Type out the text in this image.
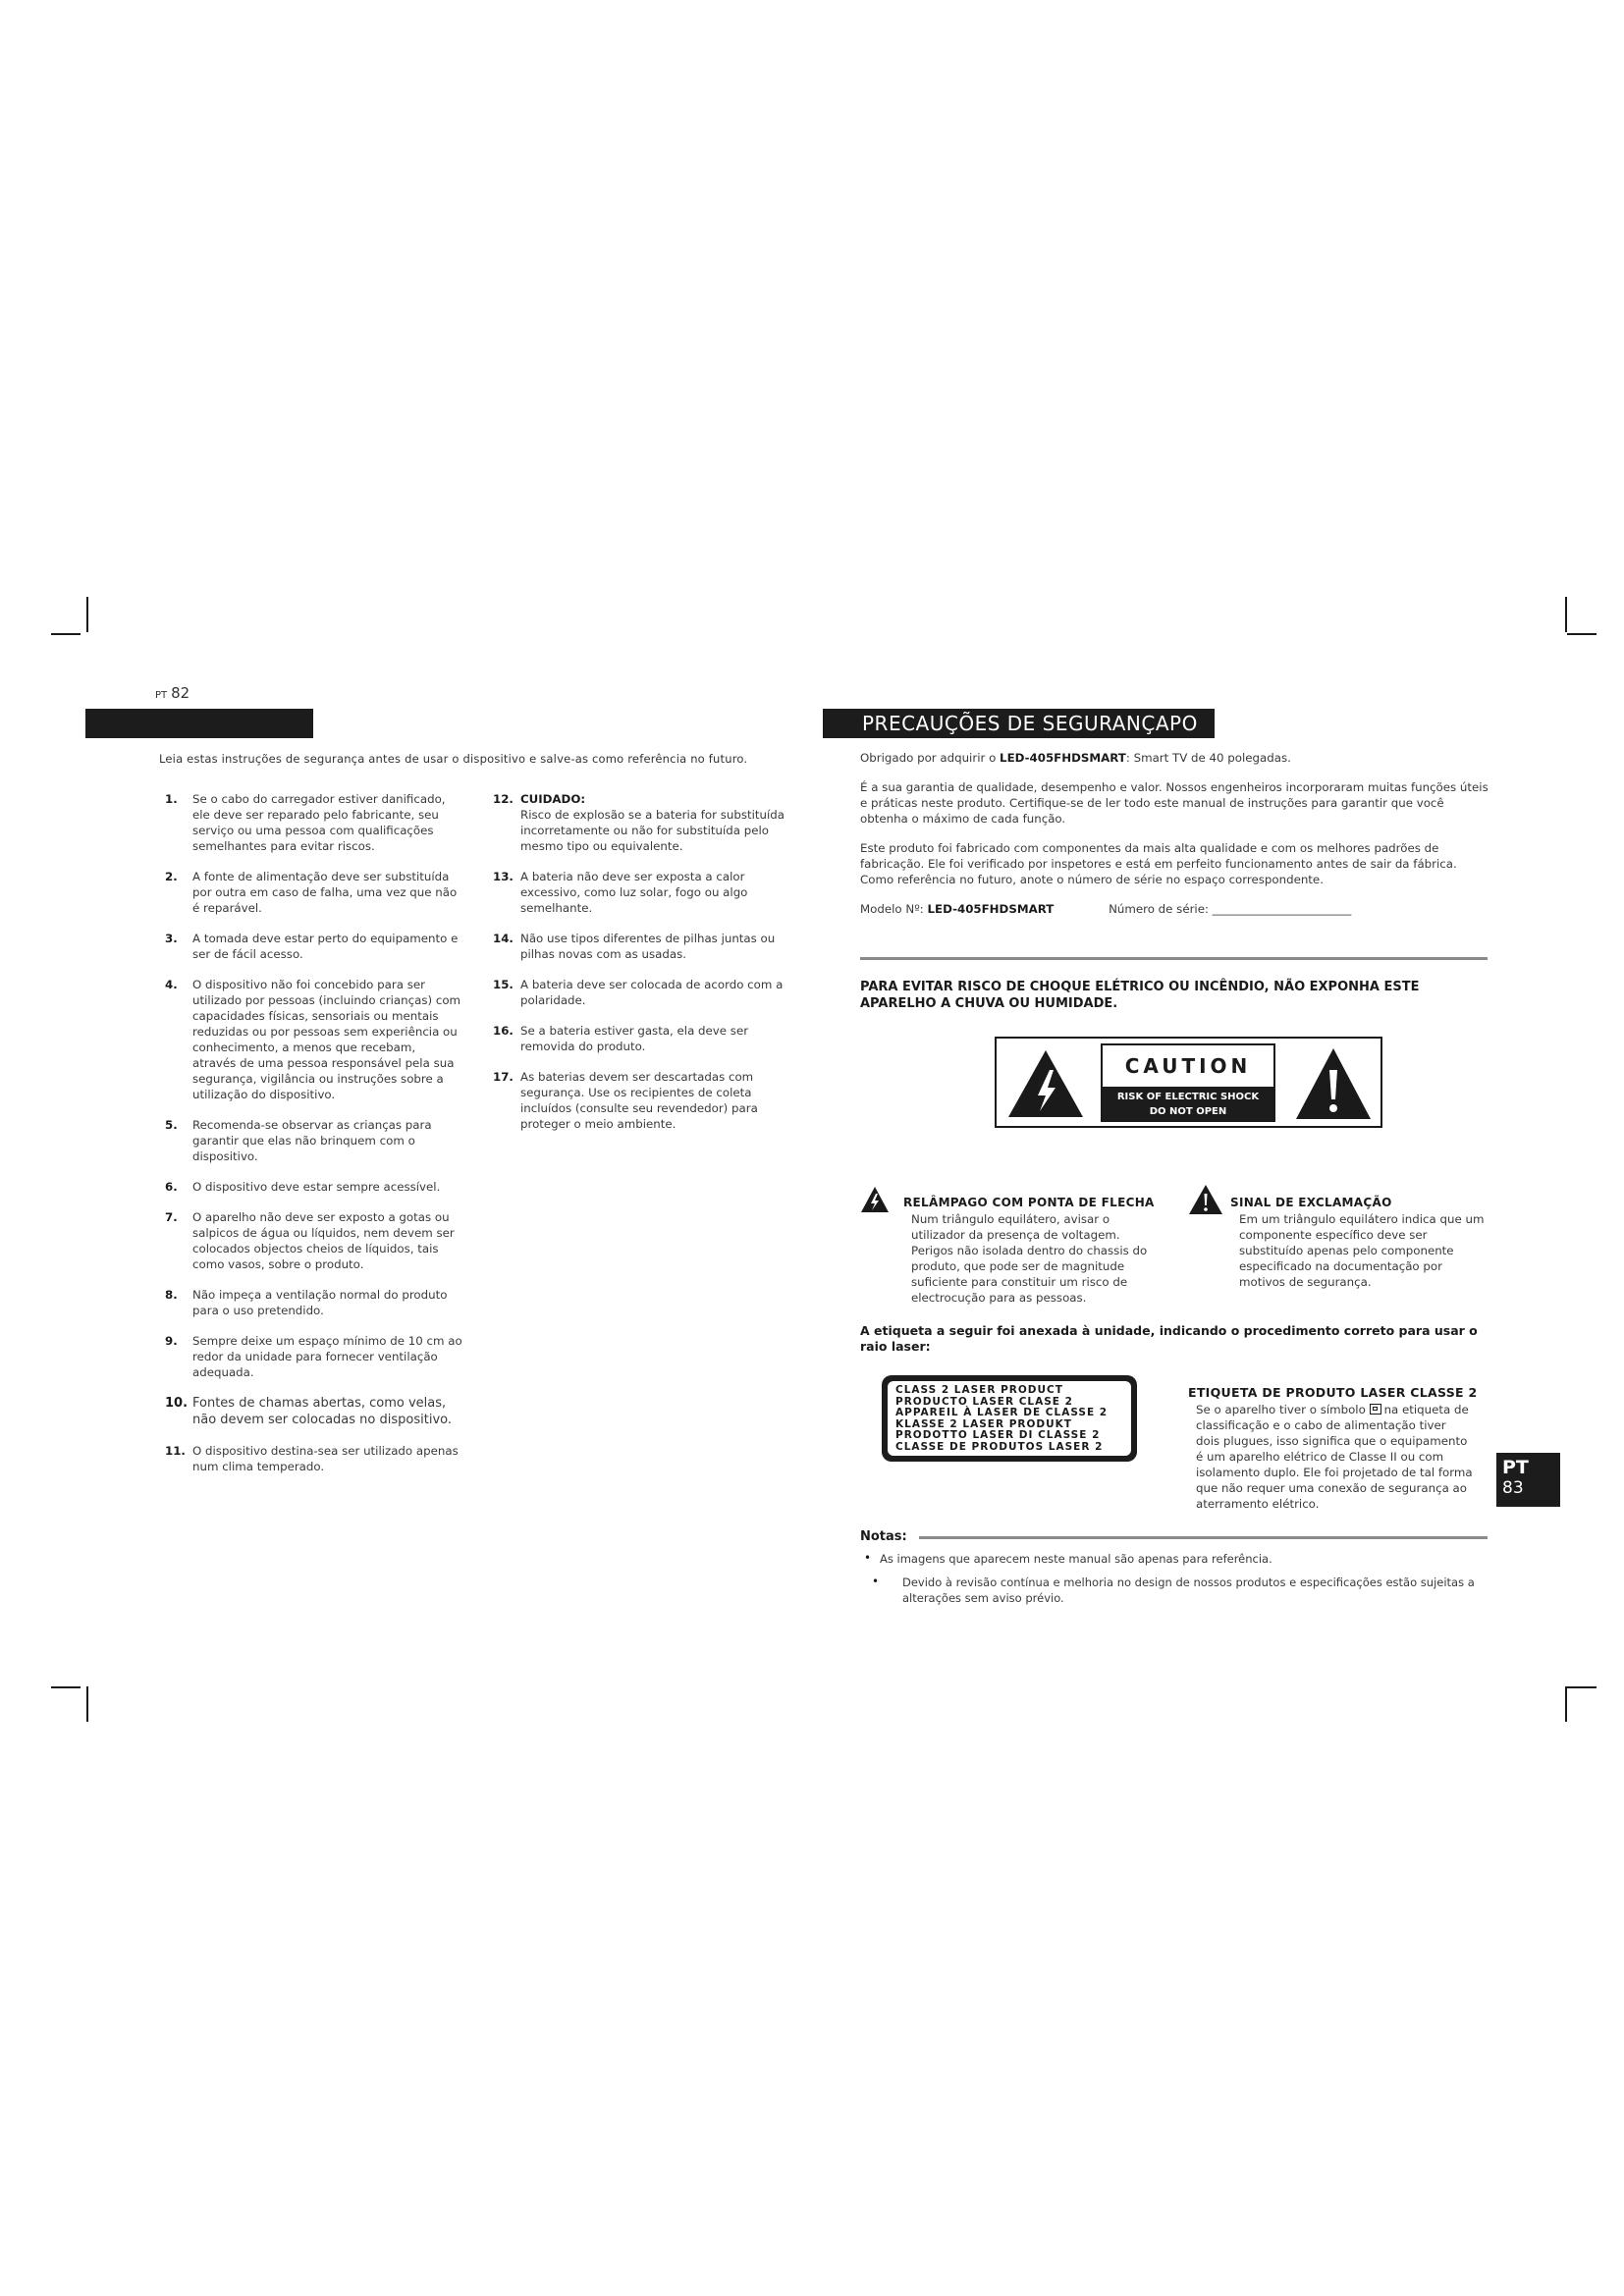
PT 82
Leia estas instruções de segurança antes de usar o dispositivo e salve-as como referência no futuro.
1. Se o cabo do carregador estiver danificado, ele deve ser reparado pelo fabricante, seu serviço ou uma pessoa com qualificações semelhantes para evitar riscos.
2. A fonte de alimentação deve ser substituída por outra em caso de falha, uma vez que não é reparável.
3. A tomada deve estar perto do equipamento e ser de fácil acesso.
4. O dispositivo não foi concebido para ser utilizado por pessoas (incluindo crianças) com capacidades físicas, sensoriais ou mentais reduzidas ou por pessoas sem experiência ou conhecimento, a menos que recebam, através de uma pessoa responsável pela sua segurança, vigilância ou instruções sobre a utilização do dispositivo.
5. Recomenda-se observar as crianças para garantir que elas não brinquem com o dispositivo.
6. O dispositivo deve estar sempre acessível.
7. O aparelho não deve ser exposto a gotas ou salpicos de água ou líquidos, nem devem ser colocados objectos cheios de líquidos, tais como vasos, sobre o produto.
8. Não impeça a ventilação normal do produto para o uso pretendido.
9. Sempre deixe um espaço mínimo de 10 cm ao redor da unidade para fornecer ventilação adequada.
10. Fontes de chamas abertas, como velas, não devem ser colocadas no dispositivo.
11. O dispositivo destina-sea ser utilizado apenas num clima temperado.
12. CUIDADO:
Risco de explosão se a bateria for substituída incorretamente ou não for substituída pelo mesmo tipo ou equivalente.
13. A bateria não deve ser exposta a calor excessivo, como luz solar, fogo ou algo semelhante.
14. Não use tipos diferentes de pilhas juntas ou pilhas novas com as usadas.
15. A bateria deve ser colocada de acordo com a polaridade.
16. Se a bateria estiver gasta, ela deve ser removida do produto.
17. As baterias devem ser descartadas com segurança. Use os recipientes de coleta incluídos (consulte seu revendedor) para proteger o meio ambiente.
PRECAUÇÕES DE SEGURANÇAPO
Obrigado por adquirir o LED-405FHDSMART: Smart TV de 40 polegadas.
É a sua garantia de qualidade, desempenho e valor. Nossos engenheiros incorporaram muitas funções úteis e práticas neste produto. Certifique-se de ler todo este manual de instruções para garantir que você obtenha o máximo de cada função.
Este produto foi fabricado com componentes da mais alta qualidade e com os melhores padrões de fabricação. Ele foi verificado por inspetores e está em perfeito funcionamento antes de sair da fábrica. Como referência no futuro, anote o número de série no espaço correspondente.
Modelo Nº: LED-405FHDSMART	Número de série: ________________________
PARA EVITAR RISCO DE CHOQUE ELÉTRICO OU INCÊNDIO, NÃO EXPONHA ESTE APARELHO A CHUVA OU HUMIDADE.
CAUTION
RISK OF ELECTRIC SHOCK
DO NOT OPEN
RELÂMPAGO COM PONTA DE FLECHA
Num triângulo equilátero, avisar o utilizador da presença de voltagem. Perigos não isolada dentro do chassis do produto, que pode ser de magnitude suficiente para constituir um risco de electrocução para as pessoas.
SINAL DE EXCLAMAÇÃO
Em um triângulo equilátero indica que um componente específico deve ser substituído apenas pelo componente especificado na documentação por motivos de segurança.
A etiqueta a seguir foi anexada à unidade, indicando o procedimento correto para usar o raio laser:
CLASS 2 LASER PRODUCT
PRODUCTO LASER CLASE 2
APPAREIL À LASER DE CLASSE 2
KLASSE 2 LASER PRODUKT
PRODOTTO LASER DI CLASSE 2
CLASSE DE PRODUTOS LASER 2
ETIQUETA DE PRODUTO LASER CLASSE 2
Se o aparelho tiver o símbolo
na etiqueta de classificação e o cabo de alimentação tiver dois plugues, isso significa que o equipamento é um aparelho elétrico de Classe II ou com isolamento duplo. Ele foi projetado de tal forma que não requer uma conexão de segurança ao aterramento elétrico.
PT
83
Notas:
• As imagens que aparecem neste manual são apenas para referência.
• Devido à revisão contínua e melhoria no design de nossos produtos e especificações estão sujeitas a alterações sem aviso prévio.
